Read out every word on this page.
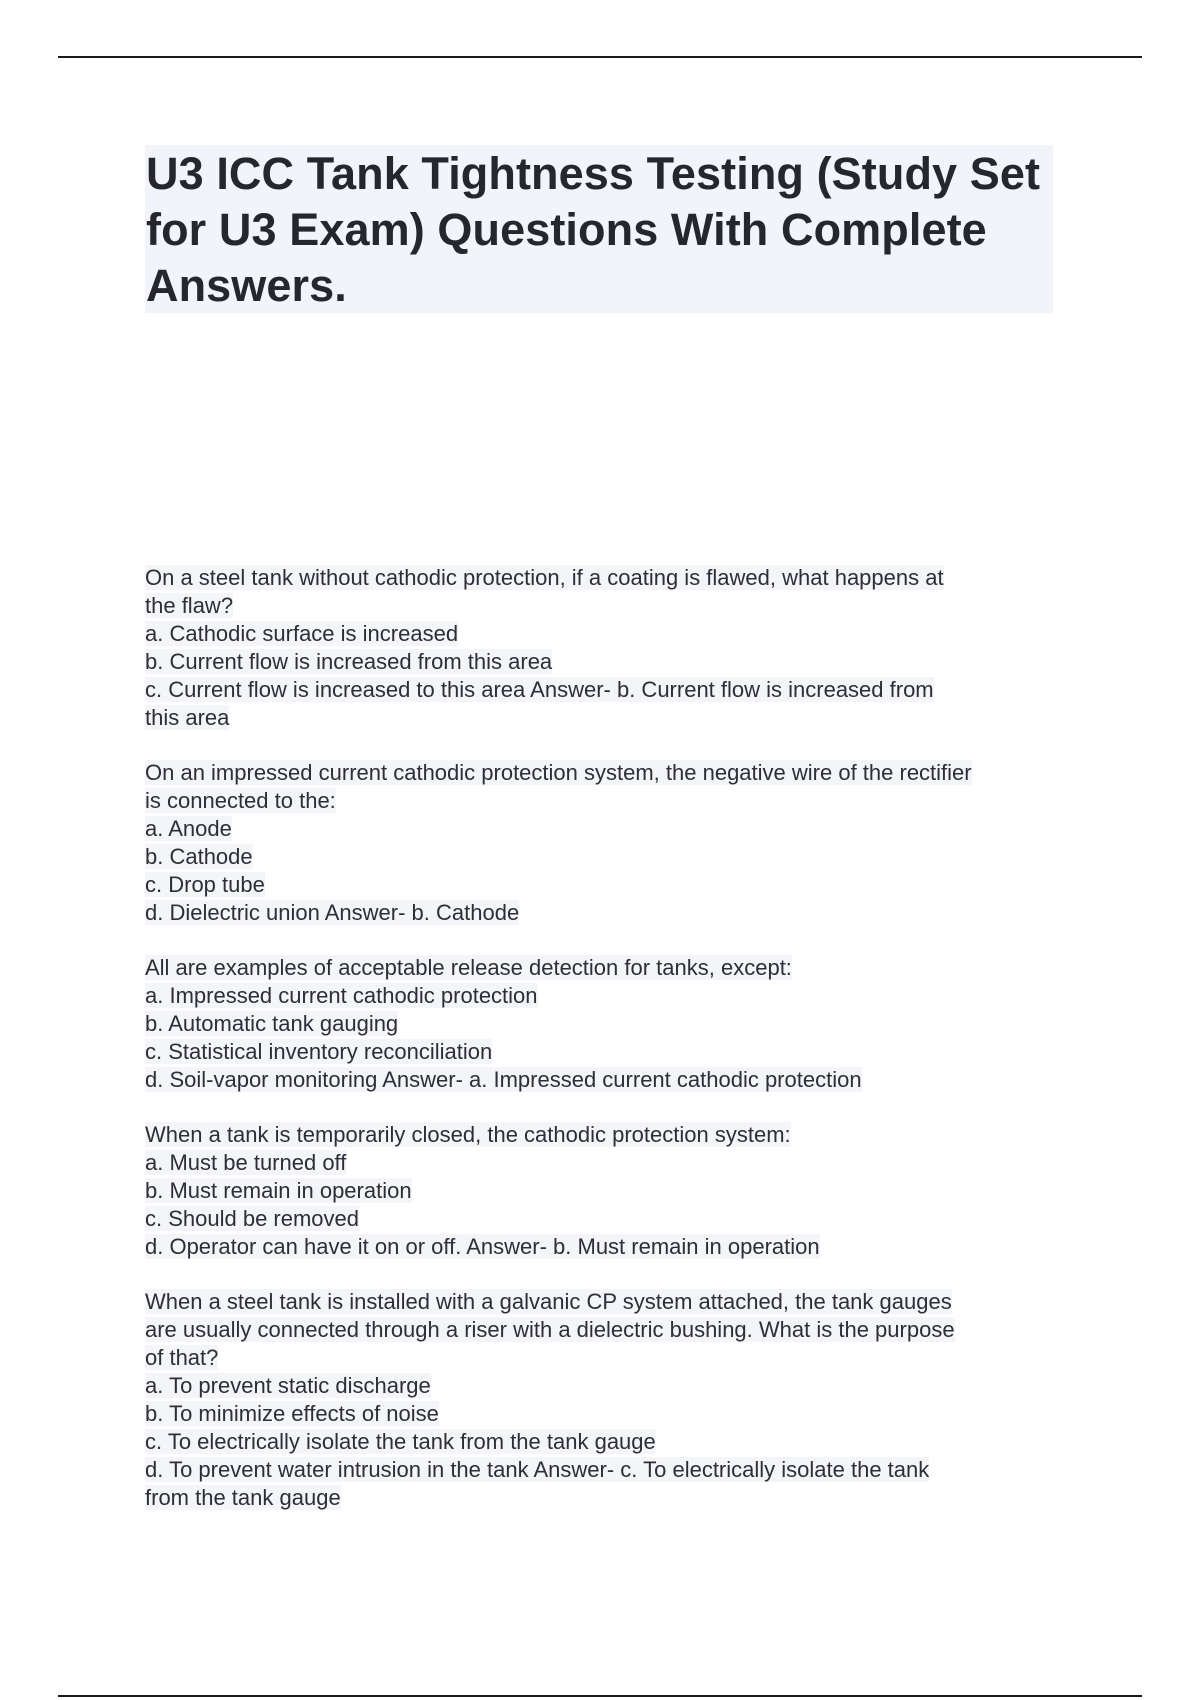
U3 ICC Tank Tightness Testing (Study Set for U3 Exam) Questions With Complete Answers.
On a steel tank without cathodic protection, if a coating is flawed, what happens at
the flaw?
a. Cathodic surface is increased
b. Current flow is increased from this area
c. Current flow is increased to this area Answer- b. Current flow is increased from
this area
On an impressed current cathodic protection system, the negative wire of the rectifier
is connected to the:
a. Anode
b. Cathode
c. Drop tube
d. Dielectric union Answer- b. Cathode
All are examples of acceptable release detection for tanks, except:
a. Impressed current cathodic protection
b. Automatic tank gauging
c. Statistical inventory reconciliation
d. Soil-vapor monitoring Answer- a. Impressed current cathodic protection
When a tank is temporarily closed, the cathodic protection system:
a. Must be turned off
b. Must remain in operation
c. Should be removed
d. Operator can have it on or off. Answer- b. Must remain in operation
When a steel tank is installed with a galvanic CP system attached, the tank gauges
are usually connected through a riser with a dielectric bushing. What is the purpose
of that?
a. To prevent static discharge
b. To minimize effects of noise
c. To electrically isolate the tank from the tank gauge
d. To prevent water intrusion in the tank Answer- c. To electrically isolate the tank
from the tank gauge
